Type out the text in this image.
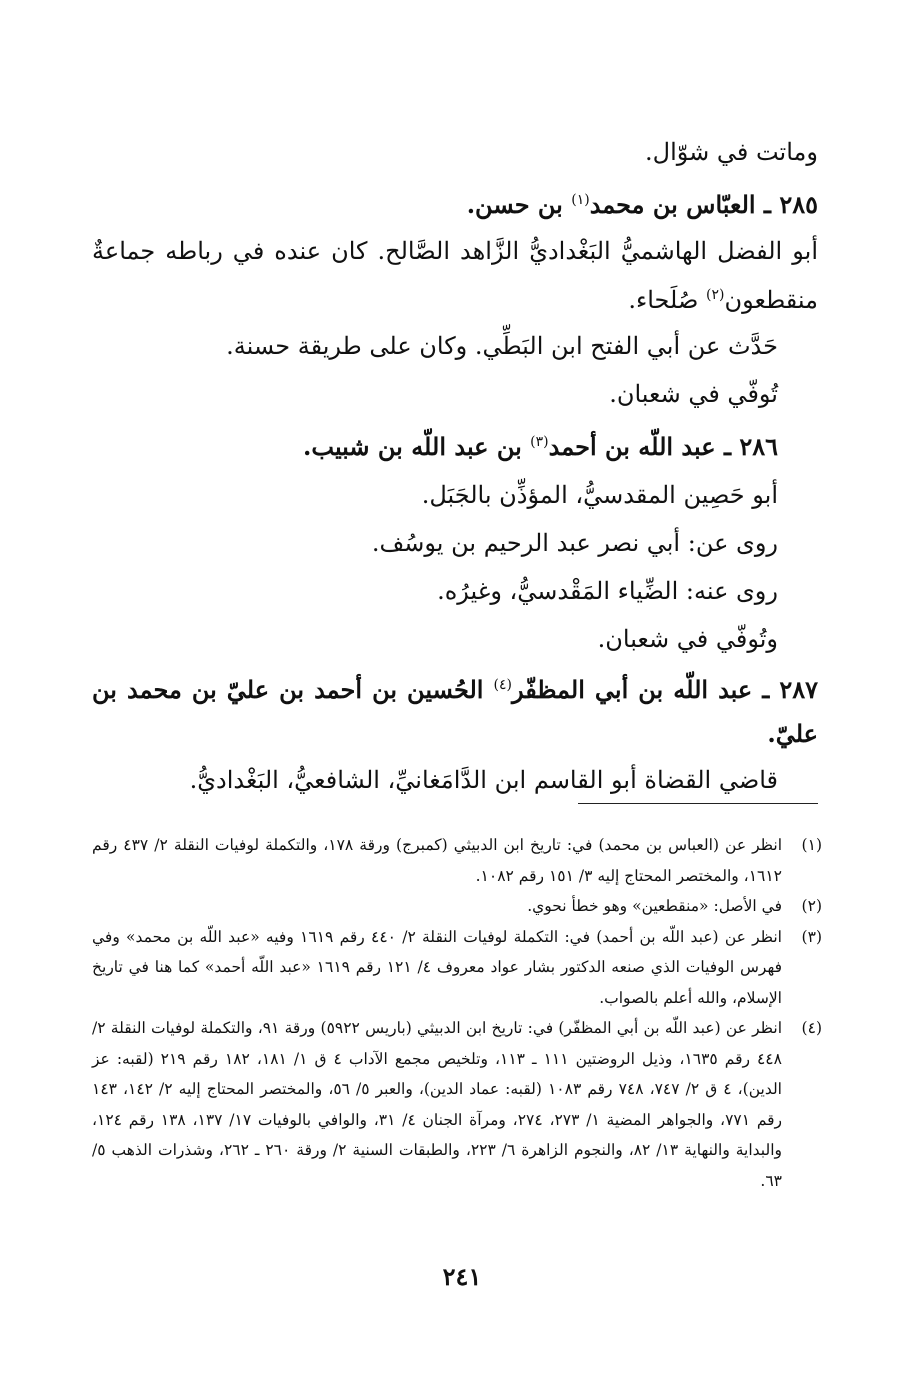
وماتت في شوّال.
٢٨٥ ـ العبّاس بن محمد$^{(١)}$ بن حسن.
أبو الفضل الهاشميُّ البَغْداديُّ الزَّاهد الصَّالح. كان عنده في رباطه جماعةٌ منقطعون$^{(٢)}$ صُلَحاء.
حَدَّث عن أبي الفتح ابن البَطِّي. وكان على طريقة حسنة.
تُوفّي في شعبان.
٢٨٦ ـ عبد اللّه بن أحمد$^{(٣)}$ بن عبد اللّه بن شبيب.
أبو حَصِين المقدسيُّ، المؤذِّن بالجَبَل.
روى عن: أبي نصر عبد الرحيم بن يوسُف.
روى عنه: الضِّياء المَقْدسيُّ، وغيرُه.
وتُوفّي في شعبان.
٢٨٧ ـ عبد اللّه بن أبي المظفّر$^{(٤)}$ الحُسين بن أحمد بن عليّ بن محمد بن عليّ.
قاضي القضاة أبو القاسم ابن الدَّامَغانيِّ، الشافعيُّ، البَغْداديُّ.
(١)
انظر عن (العباس بن محمد) في: تاريخ ابن الدبيثي (كمبرج) ورقة ١٧٨، والتكملة لوفيات النقلة ٢/ ٤٣٧ رقم ١٦١٢، والمختصر المحتاج إليه ٣/ ١٥١ رقم ١٠٨٢.
(٢)
في الأصل: «منقطعين» وهو خطأ نحوي.
(٣)
انظر عن (عبد اللّه بن أحمد) في: التكملة لوفيات النقلة ٢/ ٤٤٠ رقم ١٦١٩ وفيه «عبد اللّه بن محمد» وفي فهرس الوفيات الذي صنعه الدكتور بشار عواد معروف ٤/ ١٢١ رقم ١٦١٩ «عبد اللّه أحمد» كما هنا في تاريخ الإسلام، والله أعلم بالصواب.
(٤)
انظر عن (عبد اللّه بن أبي المظفّر) في: تاريخ ابن الدبيثي (باريس ٥٩٢٢) ورقة ٩١، والتكملة لوفيات النقلة ٢/ ٤٤٨ رقم ١٦٣٥، وذيل الروضتين ١١١ ـ ١١٣، وتلخيص مجمع الآداب ٤ ق ١/ ١٨١، ١٨٢ رقم ٢١٩ (لقبه: عز الدين)، ٤ ق ٢/ ٧٤٧، ٧٤٨ رقم ١٠٨٣ (لقبه: عماد الدين)، والعبر ٥/ ٥٦، والمختصر المحتاج إليه ٢/ ١٤٢، ١٤٣ رقم ٧٧١، والجواهر المضية ١/ ٢٧٣، ٢٧٤، ومرآة الجنان ٤/ ٣١، والوافي بالوفيات ١٧/ ١٣٧، ١٣٨ رقم ١٢٤، والبداية والنهاية ١٣/ ٨٢، والنجوم الزاهرة ٦/ ٢٢٣، والطبقات السنية ٢/ ورقة ٢٦٠ ـ ٢٦٢، وشذرات الذهب ٥/ ٦٣.
٢٤١
